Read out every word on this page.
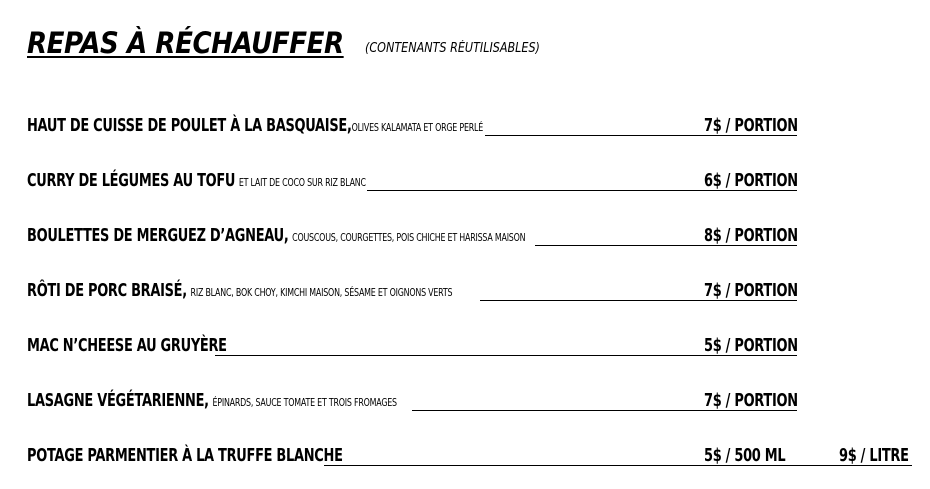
REPAS À RÉCHAUFFER (CONTENANTS RÉUTILISABLES)
HAUT DE CUISSE DE POULET À LA BASQUAISE,OLIVES KALAMATA ET ORGE PERLÉ	7$ / PORTION
CURRY DE LÉGUMES AU TOFU ET LAIT DE COCO SUR RIZ BLANC	6$ / PORTION
BOULETTES DE MERGUEZ D’AGNEAU, COUSCOUS, COURGETTES, POIS CHICHE ET HARISSA MAISON	8$ / PORTION
RÔTI DE PORC BRAISÉ, RIZ BLANC, BOK CHOY, KIMCHI MAISON, SÉSAME ET OIGNONS VERTS	7$ / PORTION
MAC N’CHEESE AU GRUYÈRE	5$ / PORTION
LASAGNE VÉGÉTARIENNE, ÉPINARDS, SAUCE TOMATE ET TROIS FROMAGES	7$ / PORTION
POTAGE PARMENTIER À LA TRUFFE BLANCHE	5$ / 500 ML	9$ / LITRE
